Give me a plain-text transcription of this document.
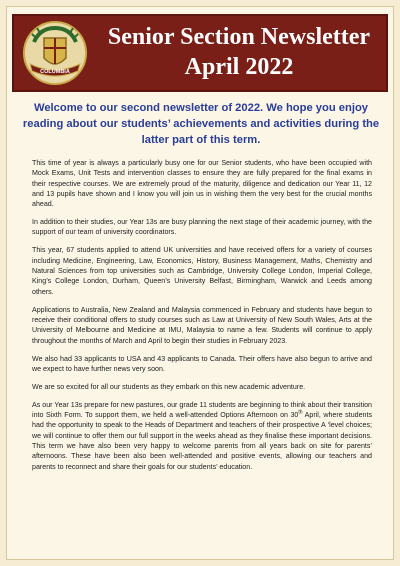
COLUMBIA
Senior Section Newsletter
April 2022
Welcome to our second newsletter of 2022. We hope you enjoy reading about our students’ achievements and activities during the latter part of this term.

This time of year is always a particularly busy one for our Senior students, who have been occupied with Mock Exams, Unit Tests and intervention classes to ensure they are fully prepared for the final exams in their respective courses. We are extremely proud of the maturity, diligence and dedication our Year 11, 12 and 13 pupils have shown and I know you will join us in wishing them the very best for the crucial months ahead.

In addition to their studies, our Year 13s are busy planning the next stage of their academic journey, with the support of our team of university coordinators.

This year, 67 students applied to attend UK universities and have received offers for a variety of courses including Medicine, Engineering, Law, Economics, History, Business Management, Maths, Chemistry and Natural Sciences from top universities such as Cambridge, University College London, Imperial College, King’s College London, Durham, Queen’s University Belfast, Birmingham, Warwick and Leeds among others.

Applications to Australia, New Zealand and Malaysia commenced in February and students have begun to receive their conditional offers to study courses such as Law at University of New South Wales, Arts at the University of Melbourne and Medicine at IMU, Malaysia to name a few. Students will continue to apply throughout the months of March and April to begin their studies in February 2023.

We also had 33 applicants to USA and 43 applicants to Canada. Their offers have also begun to arrive and we expect to have further news very soon.

We are so excited for all our students as they embark on this new academic adventure.

As our Year 13s prepare for new pastures, our grade 11 students are beginning to think about their transition into Sixth Form. To support them, we held a well-attended Options Afternoon on 30th April, where students had the opportunity to speak to the Heads of Department and teachers of their prospective A ‘level choices; we will continue to offer them our full support in the weeks ahead as they finalise these important decisions. This term we have also been very happy to welcome parents from all years back on site for parents’ afternoons. These have been also been well-attended and positive events, allowing our teachers and parents to reconnect and share their goals for our students’ education.
